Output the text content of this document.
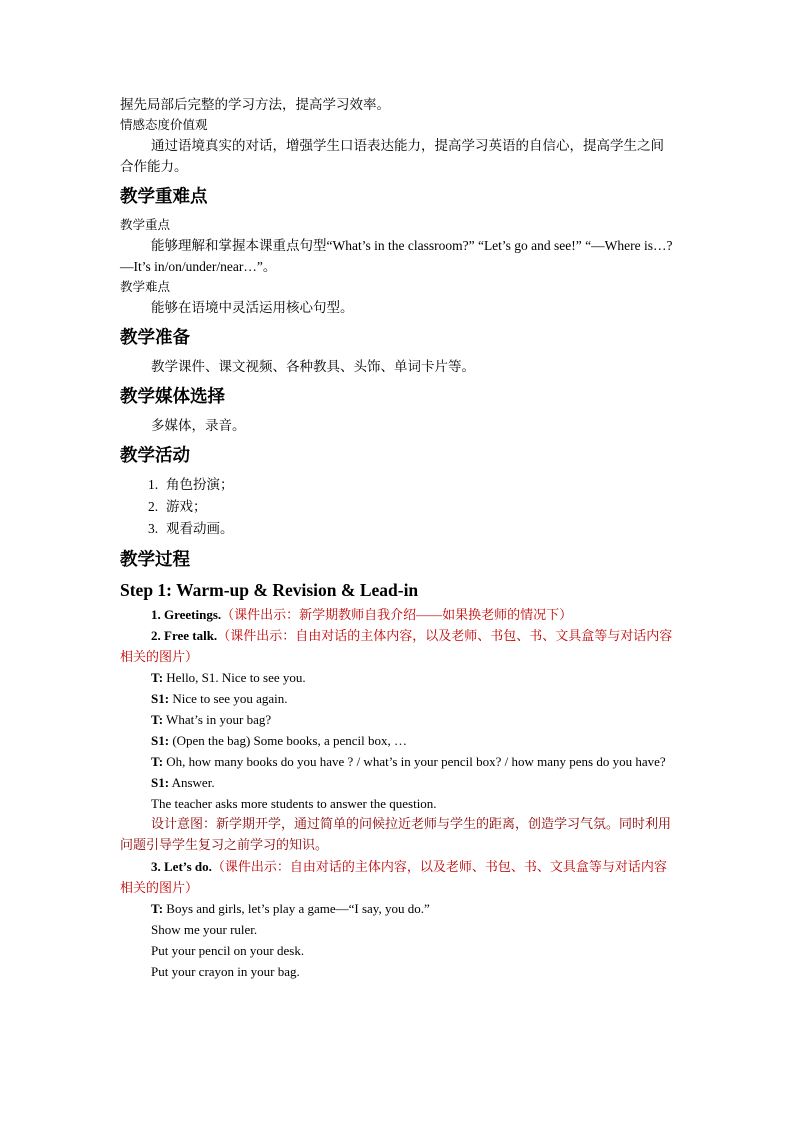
握先局部后完整的学习方法，提高学习效率。

情感态度价值观

通过语境真实的对话，增强学生口语表达能力，提高学习英语的自信心，提高学生之间合作能力。

教学重难点

教学重点

能够理解和掌握本课重点句型“What’s in the classroom?” “Let’s go and see!” “—Where is…? —It’s in/on/under/near…”。

教学难点

能够在语境中灵活运用核心句型。

教学准备

教学课件、课文视频、各种教具、头饰、单词卡片等。

教学媒体选择

多媒体，录音。

教学活动
1. 角色扮演；
2. 游戏；
3. 观看动画。
教学过程
Step 1: Warm-up & Revision & Lead-in

1. Greetings.（课件出示：新学期教师自我介绍——如果换老师的情况下）

2. Free talk.（课件出示：自由对话的主体内容，以及老师、书包、书、文具盒等与对话内容相关的图片）

T: Hello, S1. Nice to see you.

S1: Nice to see you again.

T: What’s in your bag?

S1: (Open the bag) Some books, a pencil box, …

T: Oh, how many books do you have ? / what’s in your pencil box? / how many pens do you have?

S1: Answer.

The teacher asks more students to answer the question.

设计意图：新学期开学，通过简单的问候拉近老师与学生的距离，创造学习气氛。同时利用问题引导学生复习之前学习的知识。

3. Let’s do.（课件出示：自由对话的主体内容，以及老师、书包、书、文具盒等与对话内容相关的图片）

T: Boys and girls, let’s play a game—“I say, you do.”

Show me your ruler.

Put your pencil on your desk.

Put your crayon in your bag.
